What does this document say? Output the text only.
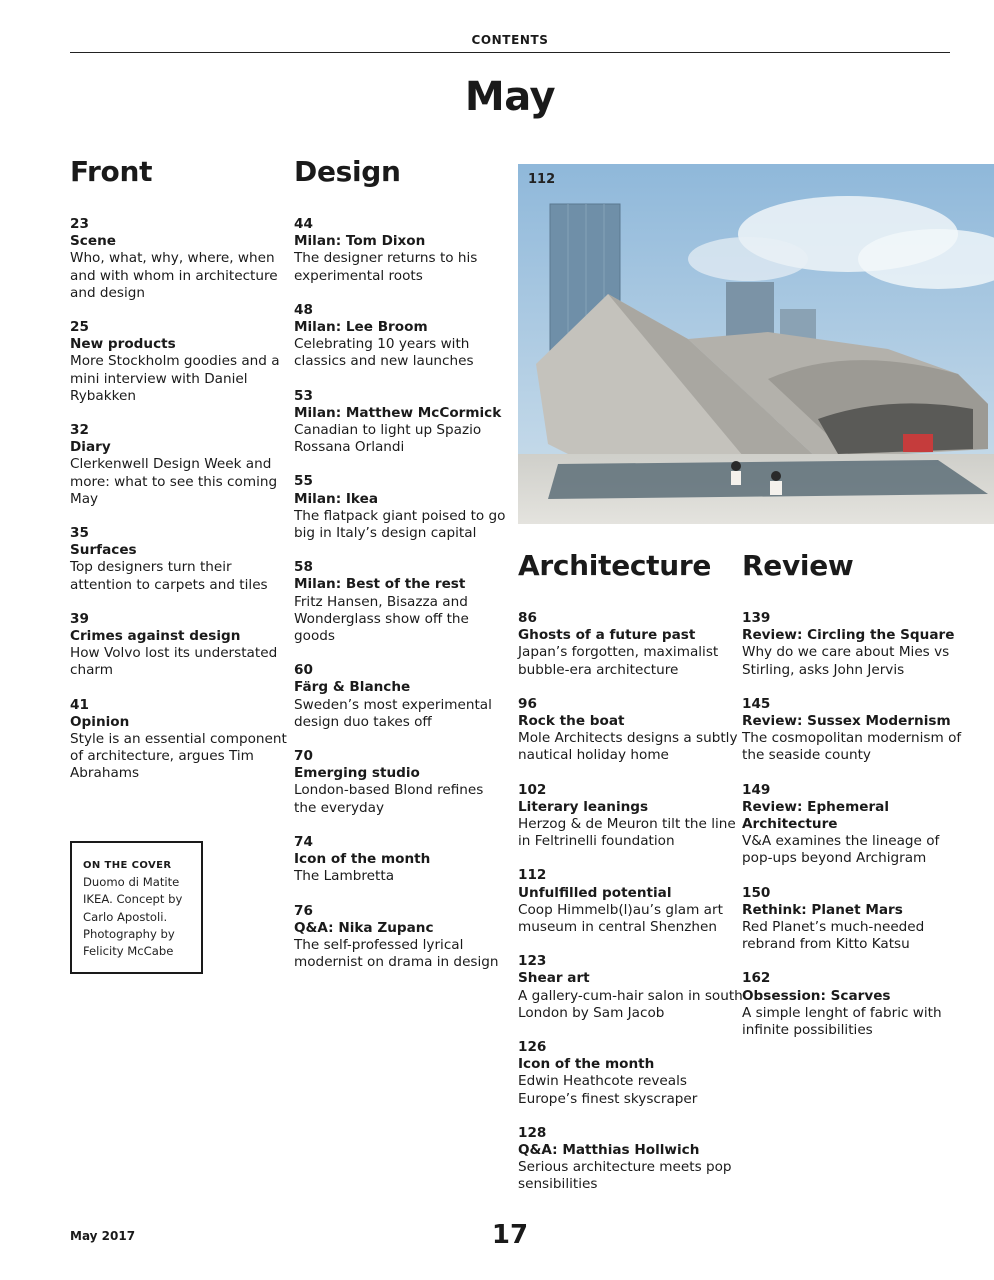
CONTENTS
May
Front
23
Scene
Who, what, why, where, when and with whom in architecture and design
25
New products
More Stockholm goodies and a mini interview with Daniel Rybakken
32
Diary
Clerkenwell Design Week and more: what to see this coming May
35
Surfaces
Top designers turn their attention to carpets and tiles
39
Crimes against design
How Volvo lost its understated charm
41
Opinion
Style is an essential component of architecture, argues Tim Abrahams
Design
44
Milan: Tom Dixon
The designer returns to his experimental roots
48
Milan: Lee Broom
Celebrating 10 years with classics and new launches
53
Milan: Matthew McCormick
Canadian to light up Spazio Rossana Orlandi
55
Milan: Ikea
The flatpack giant poised to go big in Italy’s design capital
58
Milan: Best of the rest
Fritz Hansen, Bisazza and Wonderglass show off the goods
60
Färg & Blanche
Sweden’s most experimental design duo takes off
70
Emerging studio
London-based Blond refines the everyday
74
Icon of the month
The Lambretta
76
Q&A: Nika Zupanc
The self-professed lyrical modernist on drama in design
112
Architecture
86
Ghosts of a future past
Japan’s forgotten, maximalist bubble-era architecture
96
Rock the boat
Mole Architects designs a subtly nautical holiday home
102
Literary leanings
Herzog & de Meuron tilt the line in Feltrinelli foundation
112
Unfulfilled potential
Coop Himmelb(l)au’s glam art museum in central Shenzhen
123
Shear art
A gallery-cum-hair salon in south London by Sam Jacob
126
Icon of the month
Edwin Heathcote reveals Europe’s finest skyscraper
128
Q&A: Matthias Hollwich
Serious architecture meets pop sensibilities
Review
139
Review: Circling the Square
Why do we care about Mies vs Stirling, asks John Jervis
145
Review: Sussex Modernism
The cosmopolitan modernism of the seaside county
149
Review: Ephemeral Architecture
V&A examines the lineage of pop-ups beyond Archigram
150
Rethink: Planet Mars
Red Planet’s much-needed rebrand from Kitto Katsu
162
Obsession: Scarves
A simple lenght of fabric with infinite possibilities
ON THE COVER
Duomo di Matite IKEA. Concept by Carlo Apostoli. Photography by Felicity McCabe
May 2017	17
